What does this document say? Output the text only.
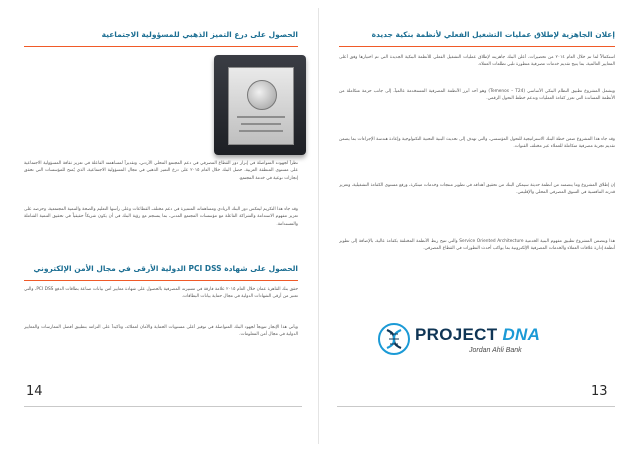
الحصول على درع التميز الذهبي للمسؤولية الاجتماعية
نظراً لجهوده المتواصلة في إبراز دور القطاع المصرفي في دعم المجتمع المحلي الأردني، وتقديراً لمساهمته الفاعلة في تعزيز ثقافة المسؤولية الاجتماعية على مستوى المنطقة العربية، حصل البنك خلال العام ٢٠١٥ على درع التميز الذهبي في مجال المسؤولية الاجتماعية، الذي يُمنح للمؤسسات التي تحقق إنجازات نوعية في خدمة المجتمع.
وقد جاء هذا التكريم ليعكس دور البنك الريادي ومساهماته المتميزة في دعم مختلف القطاعات وعلى رأسها التعليم والصحة والتنمية المجتمعية، وحرصه على تعزيز مفهوم الاستدامة والشراكة الفاعلة مع مؤسسات المجتمع المدني، بما ينسجم مع رؤية البنك في أن يكون شريكاً حقيقياً في تحقيق التنمية الشاملة والمستدامة.
الحصول على شهادة PCI DSS الدولية الأرقى في مجال الأمن الإلكتروني
حقق بنك القاهرة عمان خلال العام ٢٠١٥ علامة فارقة في مسيرته المصرفية بالحصول على شهادة معايير أمن بيانات صناعة بطاقات الدفع PCI DSS، والتي تعتبر من أرقى الشهادات الدولية في مجال حماية بيانات البطاقات.
ويأتي هذا الإنجاز تتويجاً لجهود البنك المتواصلة في توفير أعلى مستويات الحماية والأمان لعملائه، وتأكيداً على التزامه بتطبيق أفضل الممارسات والمعايير الدولية في مجال أمن المعلومات.
14
إعلان الجاهزية لإطلاق عمليات التشغيل الفعلي لأنظمة بنكية جديدة
استكمالاً لما تم خلال العام ٢٠١٤ من تحضيرات، أعلن البنك جاهزيته لإطلاق عمليات التشغيل الفعلي للأنظمة البنكية الجديدة التي تم اختيارها وفق أعلى المعايير العالمية، بما يتيح تقديم خدمات مصرفية متطورة تلبي تطلعات العملاء.
ويشمل المشروع تطبيق النظام البنكي الأساسي (Temenos – T24) وهو أحد أبرز الأنظمة المصرفية المستخدمة عالمياً، إلى جانب حزمة متكاملة من الأنظمة المساندة التي تعزز كفاءة العمليات وتدعم خطط التحول الرقمي.
وقد جاء هذا المشروع ضمن خطة البنك الاستراتيجية للتحول المؤسسي، والتي تهدف إلى تحديث البنية التحتية التكنولوجية وإعادة هندسة الإجراءات بما يضمن تقديم تجربة مصرفية متكاملة للعملاء عبر مختلف القنوات.
إن إطلاق المشروع وما يتضمنه من أنظمة حديثة سيمكن البنك من تحقيق أهدافه في تطوير منتجات وخدمات مبتكرة، ورفع مستوى الكفاءة التشغيلية، وتعزيز قدرته التنافسية في السوق المصرفي المحلي والإقليمي.
هذا ويتضمن المشروع تطبيق مفهوم البنية الخدمية Service Oriented Architecture والتي تتيح ربط الأنظمة المختلفة بكفاءة عالية، بالإضافة إلى تطوير أنظمة إدارة علاقات العملاء والخدمات المصرفية الإلكترونية بما يواكب أحدث التطورات في القطاع المصرفي.
PROJECT DNA
Jordan Ahli Bank
13
